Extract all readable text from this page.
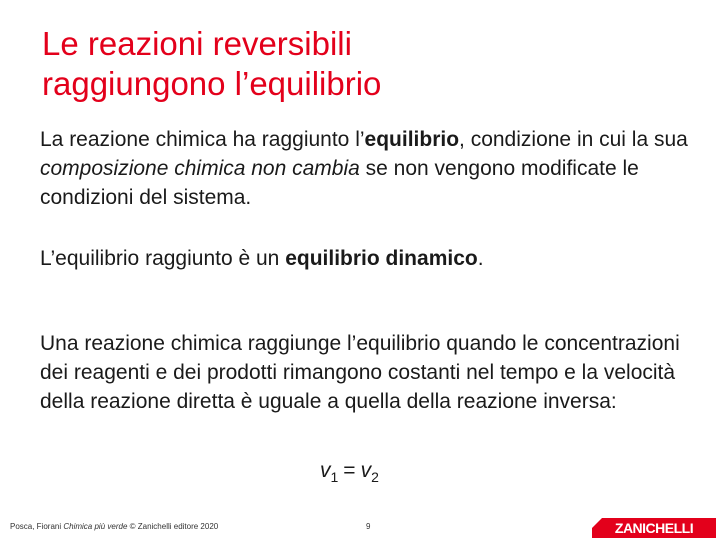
Le reazioni reversibili
raggiungono l’equilibrio

La reazione chimica ha raggiunto l’equilibrio, condizione in cui la sua composizione chimica non cambia se non vengono modificate le condizioni del sistema.

L’equilibrio raggiunto è un equilibrio dinamico.

Una reazione chimica raggiunge l’equilibrio quando le concentrazioni dei reagenti e dei prodotti rimangono costanti nel tempo e la velocità della reazione diretta è uguale a quella della reazione inversa:

$v_1 = v_2$
Posca, Fiorani Chimica più verde © Zanichelli editore 2020	9	ZANICHELLI
